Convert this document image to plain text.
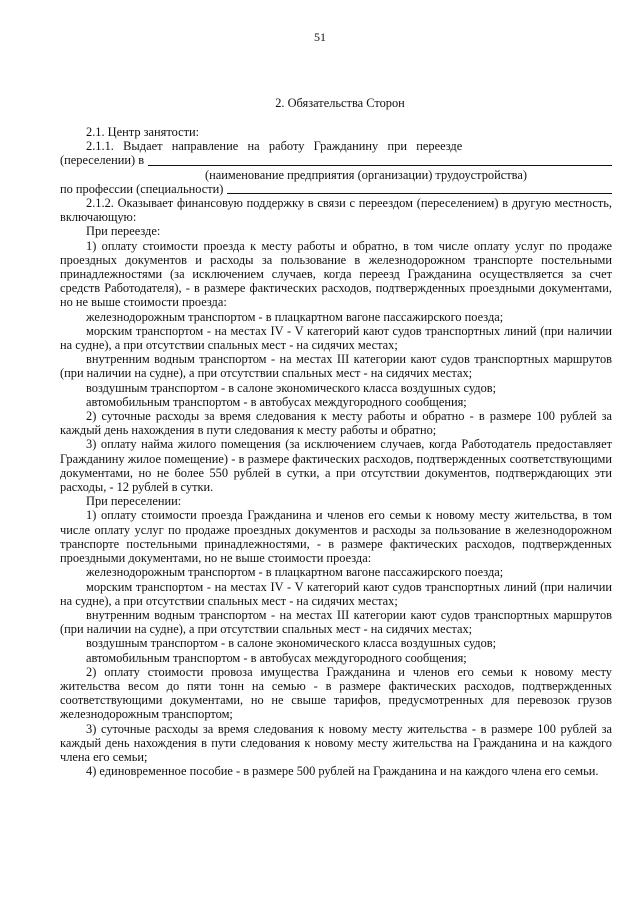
51
2. Обязательства Сторон

2.1. Центр занятости:

2.1.1.   Выдает   направление   на   работу   Гражданину   при   переезде

(переселении) в
(наименование предприятия (организации) трудоустройства)
по профессии (специальности)

2.1.2. Оказывает финансовую поддержку в связи с переездом (переселением) в другую местность, включающую:

При переезде:

1) оплату стоимости проезда к месту работы и обратно, в том числе оплату услуг по продаже проездных документов и расходы за пользование в железнодорожном транспорте постельными принадлежностями (за исключением случаев, когда переезд Гражданина осуществляется за счет средств Работодателя), - в размере фактических расходов, подтвержденных проездными документами, но не выше стоимости проезда:

железнодорожным транспортом - в плацкартном вагоне пассажирского поезда;

морским транспортом - на местах IV - V категорий кают судов транспортных линий (при наличии на судне), а при отсутствии спальных мест - на сидячих местах;

внутренним водным транспортом - на местах III категории кают судов транспортных маршрутов (при наличии на судне), а при отсутствии спальных мест - на сидячих местах;

воздушным транспортом - в салоне экономического класса воздушных судов;

автомобильным транспортом - в автобусах междугородного сообщения;

2) суточные расходы за время следования к месту работы и обратно - в размере 100 рублей за каждый день нахождения в пути следования к месту работы и обратно;

3) оплату найма жилого помещения (за исключением случаев, когда Работодатель предоставляет Гражданину жилое помещение) - в размере фактических расходов, подтвержденных соответствующими документами, но не более 550 рублей в сутки, а при отсутствии документов, подтверждающих эти расходы, - 12 рублей в сутки.

При переселении:

1) оплату стоимости проезда Гражданина и членов его семьи к новому месту жительства, в том числе оплату услуг по продаже проездных документов и расходы за пользование в железнодорожном транспорте постельными принадлежностями, - в размере фактических расходов, подтвержденных проездными документами, но не выше стоимости проезда:

железнодорожным транспортом - в плацкартном вагоне пассажирского поезда;

морским транспортом - на местах IV - V категорий кают судов транспортных линий (при наличии на судне), а при отсутствии спальных мест - на сидячих местах;

внутренним водным транспортом - на местах III категории кают судов транспортных маршрутов (при наличии на судне), а при отсутствии спальных мест - на сидячих местах;

воздушным транспортом - в салоне экономического класса воздушных судов;

автомобильным транспортом - в автобусах междугородного сообщения;

2) оплату стоимости провоза имущества Гражданина и членов его семьи к новому месту жительства весом до пяти тонн на семью - в размере фактических расходов, подтвержденных соответствующими документами, но не свыше тарифов, предусмотренных для перевозок грузов железнодорожным транспортом;

3) суточные расходы за время следования к новому месту жительства - в размере 100 рублей за каждый день нахождения в пути следования к новому месту жительства на Гражданина и на каждого члена его семьи;

4) единовременное пособие - в размере 500 рублей на Гражданина и на каждого члена его семьи.
